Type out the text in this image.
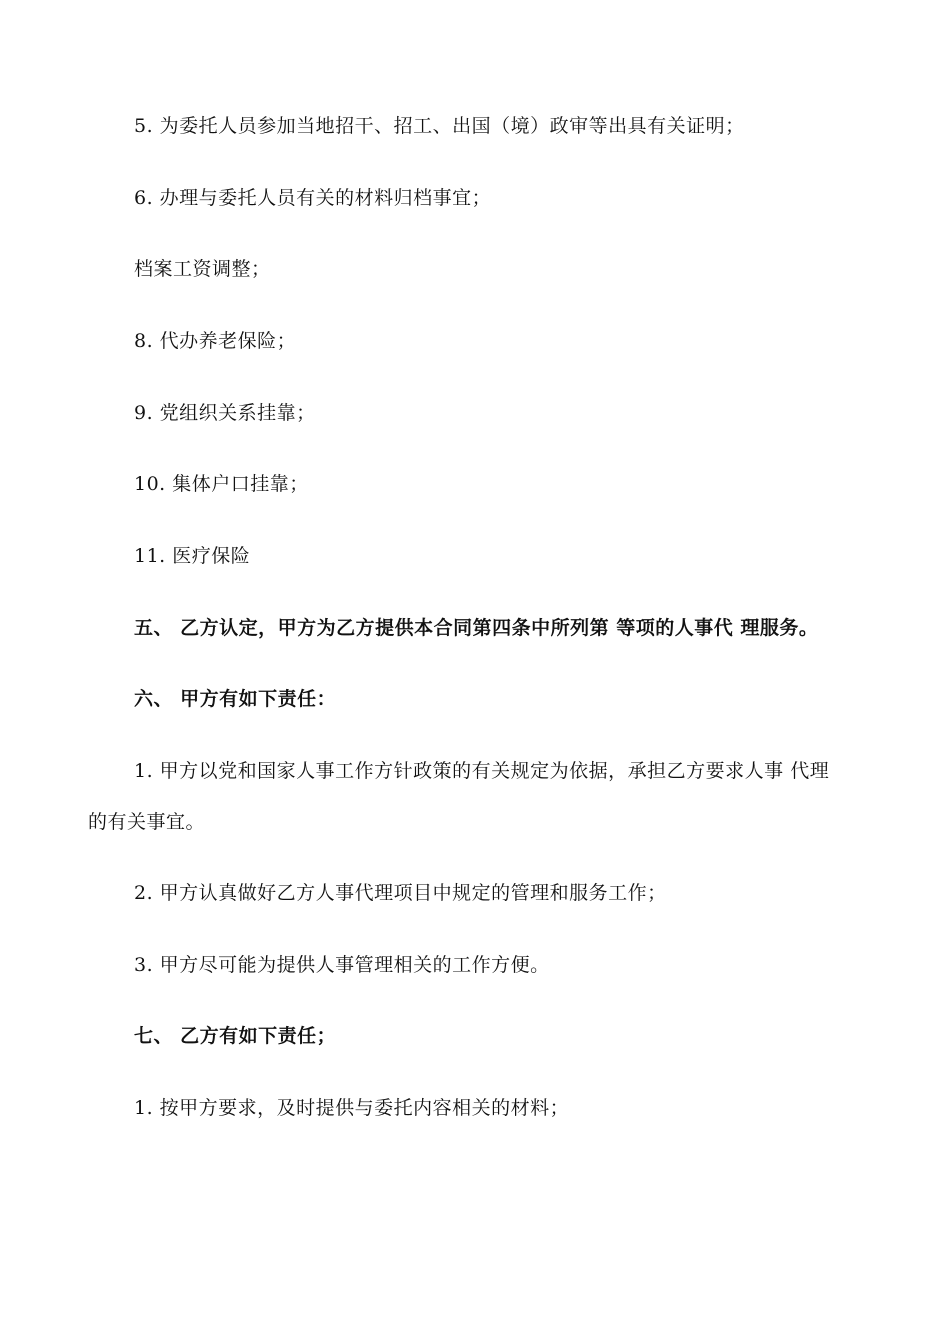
5. 为委托人员参加当地招干、招工、出国（境）政审等出具有关证明；
6. 办理与委托人员有关的材料归档事宜；
档案工资调整；
8. 代办养老保险；
9. 党组织关系挂靠；
10. 集体户口挂靠；
11. 医疗保险
五、 乙方认定，甲方为乙方提供本合同第四条中所列第 等项的人事代 理服务。
六、 甲方有如下责任：
1. 甲方以党和国家人事工作方针政策的有关规定为依据，承担乙方要求人事 代理
的有关事宜。
2. 甲方认真做好乙方人事代理项目中规定的管理和服务工作；
3. 甲方尽可能为提供人事管理相关的工作方便。
七、 乙方有如下责任；
1. 按甲方要求，及时提供与委托内容相关的材料；
